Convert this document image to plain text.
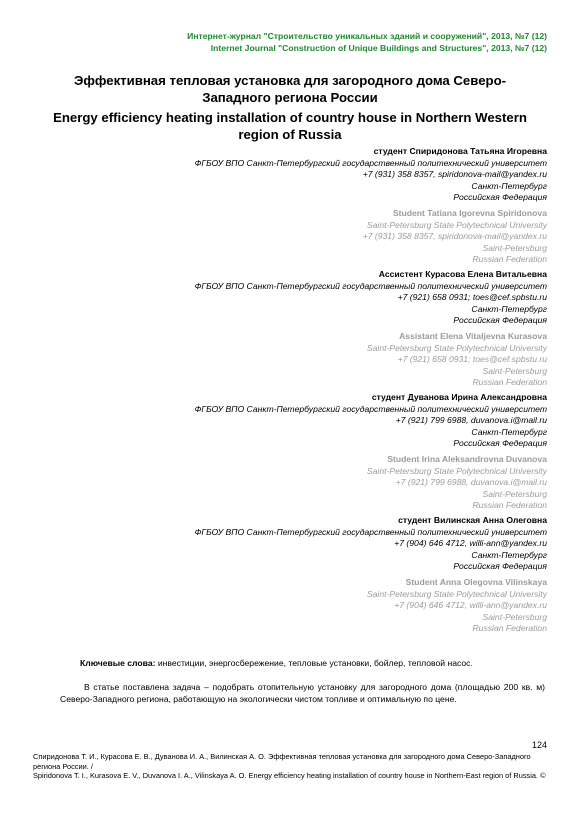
Интернет-журнал "Строительство уникальных зданий и сооружений", 2013, №7 (12)
Internet Journal "Construction of Unique Buildings and Structures", 2013, №7 (12)
Эффективная тепловая установка для загородного дома Северо-Западного региона России
Energy efficiency heating installation of country house in Northern Western region of Russia
студент Спиридонова Татьяна Игоревна
ФГБОУ ВПО Санкт-Петербургский государственный политехнический университет
+7 (931) 358 8357, spiridonova-mail@yandex.ru
Санкт-Петербург
Российская Федерация
Student Tatiana Igorevna Spiridonova
Saint-Petersburg State Polytechnical University
+7 (931) 358 8357, spiridonova-mail@yandex.ru
Saint-Petersburg
Russian Federation
Ассистент Курасова Елена Витальевна
ФГБОУ ВПО Санкт-Петербургский государственный политехнический университет
+7 (921) 658 0931; toes@cef.spbstu.ru
Санкт-Петербург
Российская Федерация
Assistant Elena Vitaljevna Kurasova
Saint-Petersburg State Polytechnical University
+7 (921) 658 0931; toes@cef.spbstu.ru
Saint-Petersburg
Russian Federation
студент Дуванова Ирина Александровна
ФГБОУ ВПО Санкт-Петербургский государственный политехнический университет
+7 (921) 799 6988, duvanova.i@mail.ru
Санкт-Петербург
Российская Федерация
Student Irina Aleksandrovna Duvanova
Saint-Petersburg State Polytechnical University
+7 (921) 799 6988, duvanova.i@mail.ru
Saint-Petersburg
Russian Federation
студент Вилинская Анна Олеговна
ФГБОУ ВПО Санкт-Петербургский государственный политехнический университет
+7 (904) 646 4712, willi-ann@yandex.ru
Санкт-Петербург
Российская Федерация
Student Anna Olegovna Vilinskaya
Saint-Petersburg State Polytechnical University
+7 (904) 646 4712, willi-ann@yandex.ru
Saint-Petersburg
Russian Federation
Ключевые слова: инвестиции, энергосбережение, тепловые установки, бойлер, тепловой насос.

В статье поставлена задача – подобрать отопительную установку для загородного дома (площадью 200 кв. м) Северо-Западного региона, работающую на экологически чистом топливе и оптимальную по цене.

124
Спиридонова Т. И., Курасова Е. В., Дуванова И. А., Вилинская А. О. Эффективная тепловая установка для загородного дома Северо-Западного региона России. /
Spiridonova T. I., Kurasova E. V., Duvanova I. A., Vilinskaya A. O. Energy efficiency heating installation of country house in Northern-East region of Russia. ©
